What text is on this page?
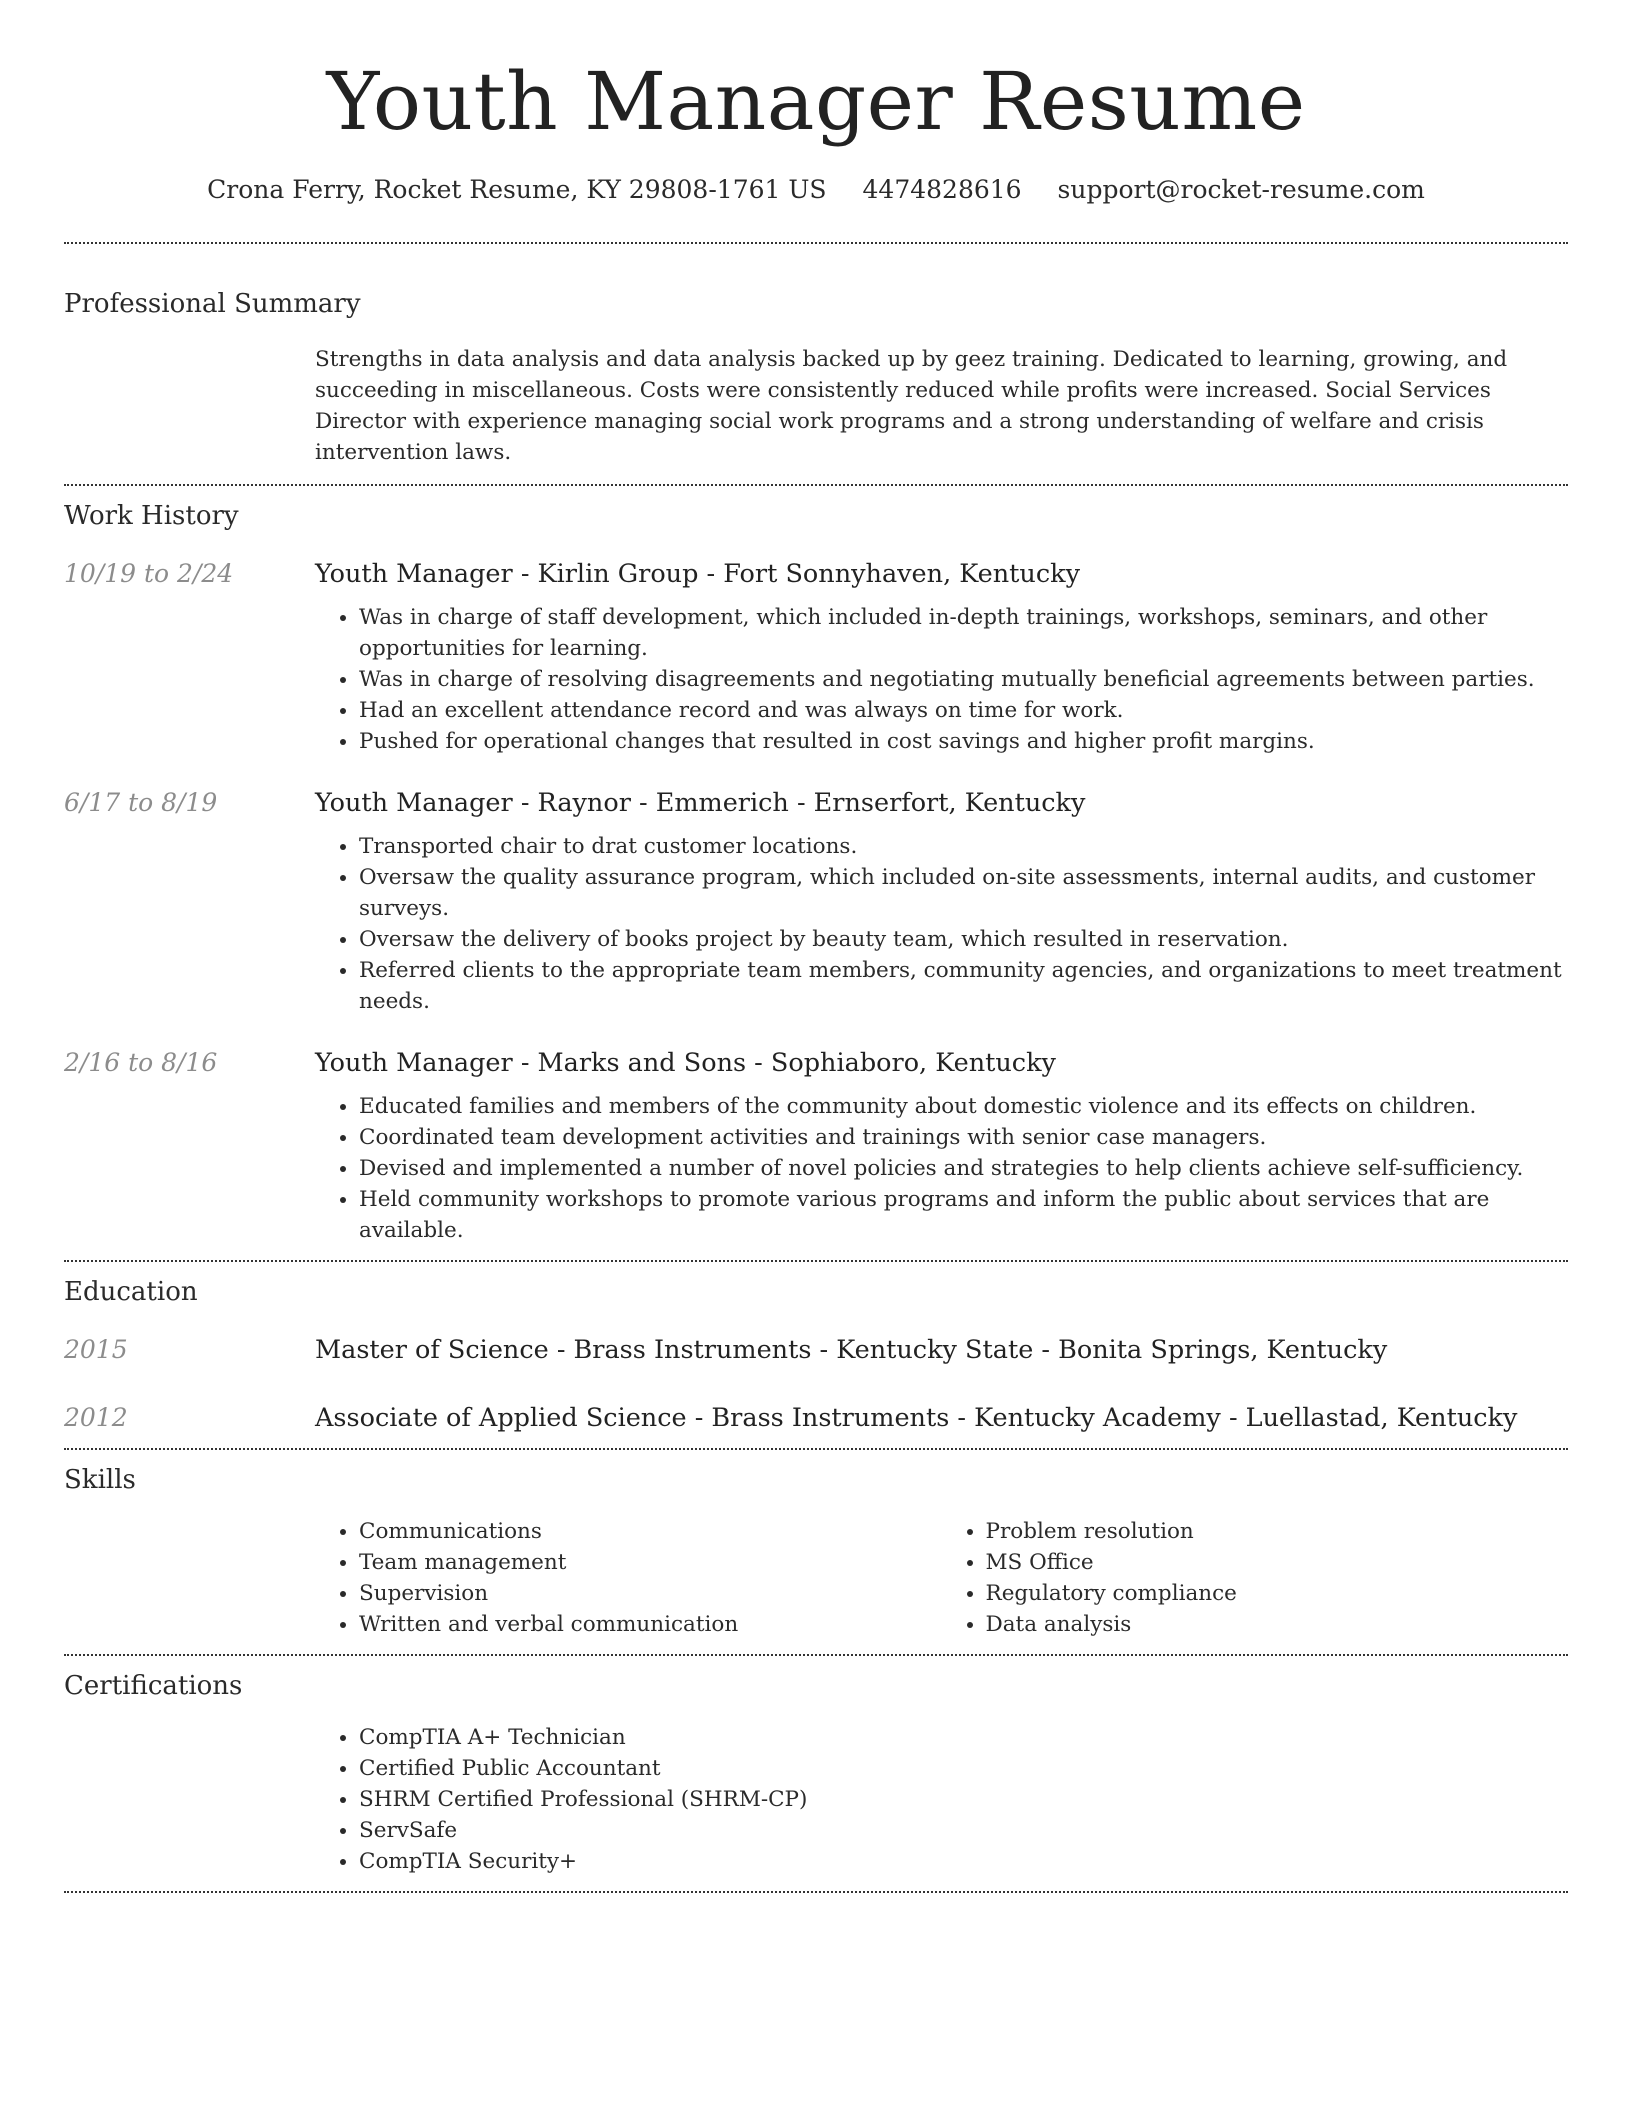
Youth Manager Resume
Crona Ferry, Rocket Resume, KY 29808-1761 US 4474828616 support@rocket-resume.com
Professional Summary

Strengths in data analysis and data analysis backed up by geez training. Dedicated to learning, growing, and succeeding in miscellaneous. Costs were consistently reduced while profits were increased. Social Services Director with experience managing social work programs and a strong understanding of welfare and crisis intervention laws.

Work History
10/19 to 2/24	Youth Manager - Kirlin Group - Fort Sonnyhaven, Kentucky
• Was in charge of staff development, which included in-depth trainings, workshops, seminars, and other opportunities for learning.
• Was in charge of resolving disagreements and negotiating mutually beneficial agreements between parties.
• Had an excellent attendance record and was always on time for work.
• Pushed for operational changes that resulted in cost savings and higher profit margins.
6/17 to 8/19	Youth Manager - Raynor - Emmerich - Ernserfort, Kentucky
• Transported chair to drat customer locations.
• Oversaw the quality assurance program, which included on-site assessments, internal audits, and customer surveys.
• Oversaw the delivery of books project by beauty team, which resulted in reservation.
• Referred clients to the appropriate team members, community agencies, and organizations to meet treatment needs.
2/16 to 8/16	Youth Manager - Marks and Sons - Sophiaboro, Kentucky
• Educated families and members of the community about domestic violence and its effects on children.
• Coordinated team development activities and trainings with senior case managers.
• Devised and implemented a number of novel policies and strategies to help clients achieve self-sufficiency.
• Held community workshops to promote various programs and inform the public about services that are available.
Education
2015	Master of Science - Brass Instruments - Kentucky State - Bonita Springs, Kentucky
2012	Associate of Applied Science - Brass Instruments - Kentucky Academy - Luellastad, Kentucky
Skills
• Communications
• Team management
• Supervision
• Written and verbal communication
• Problem resolution
• MS Office
• Regulatory compliance
• Data analysis
Certifications
• CompTIA A+ Technician
• Certified Public Accountant
• SHRM Certified Professional (SHRM-CP)
• ServSafe
• CompTIA Security+
